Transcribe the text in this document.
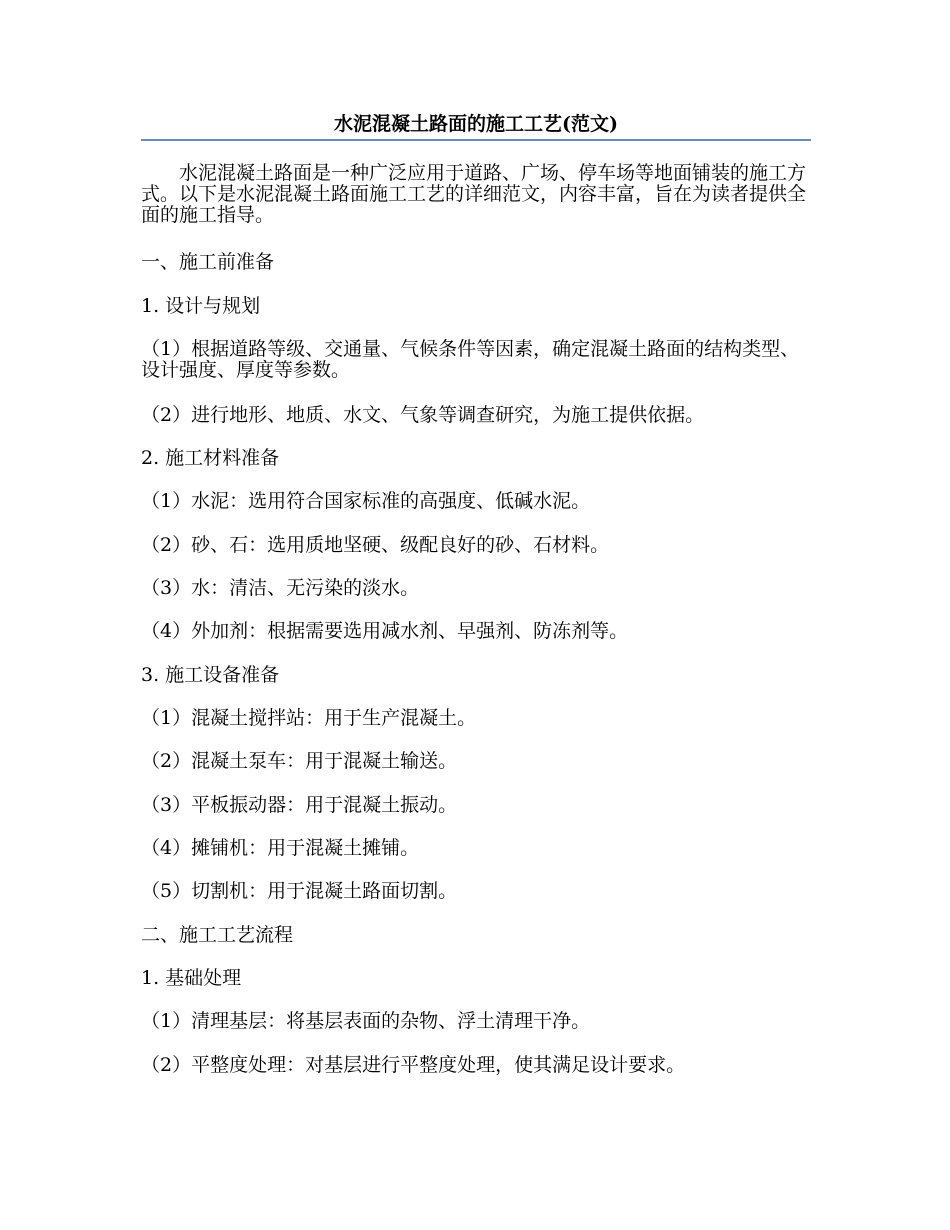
水泥混凝土路面的施工工艺(范文)

水泥混凝土路面是一种广泛应用于道路、广场、停车场等地面铺装的施工方式。以下是水泥混凝土路面施工工艺的详细范文，内容丰富，旨在为读者提供全面的施工指导。

一、施工前准备

1. 设计与规划

（1）根据道路等级、交通量、气候条件等因素，确定混凝土路面的结构类型、设计强度、厚度等参数。

（2）进行地形、地质、水文、气象等调查研究，为施工提供依据。

2. 施工材料准备

（1）水泥：选用符合国家标准的高强度、低碱水泥。

（2）砂、石：选用质地坚硬、级配良好的砂、石材料。

（3）水：清洁、无污染的淡水。

（4）外加剂：根据需要选用减水剂、早强剂、防冻剂等。

3. 施工设备准备

（1）混凝土搅拌站：用于生产混凝土。

（2）混凝土泵车：用于混凝土输送。

（3）平板振动器：用于混凝土振动。

（4）摊铺机：用于混凝土摊铺。

（5）切割机：用于混凝土路面切割。

二、施工工艺流程

1. 基础处理

（1）清理基层：将基层表面的杂物、浮土清理干净。

（2）平整度处理：对基层进行平整度处理，使其满足设计要求。
